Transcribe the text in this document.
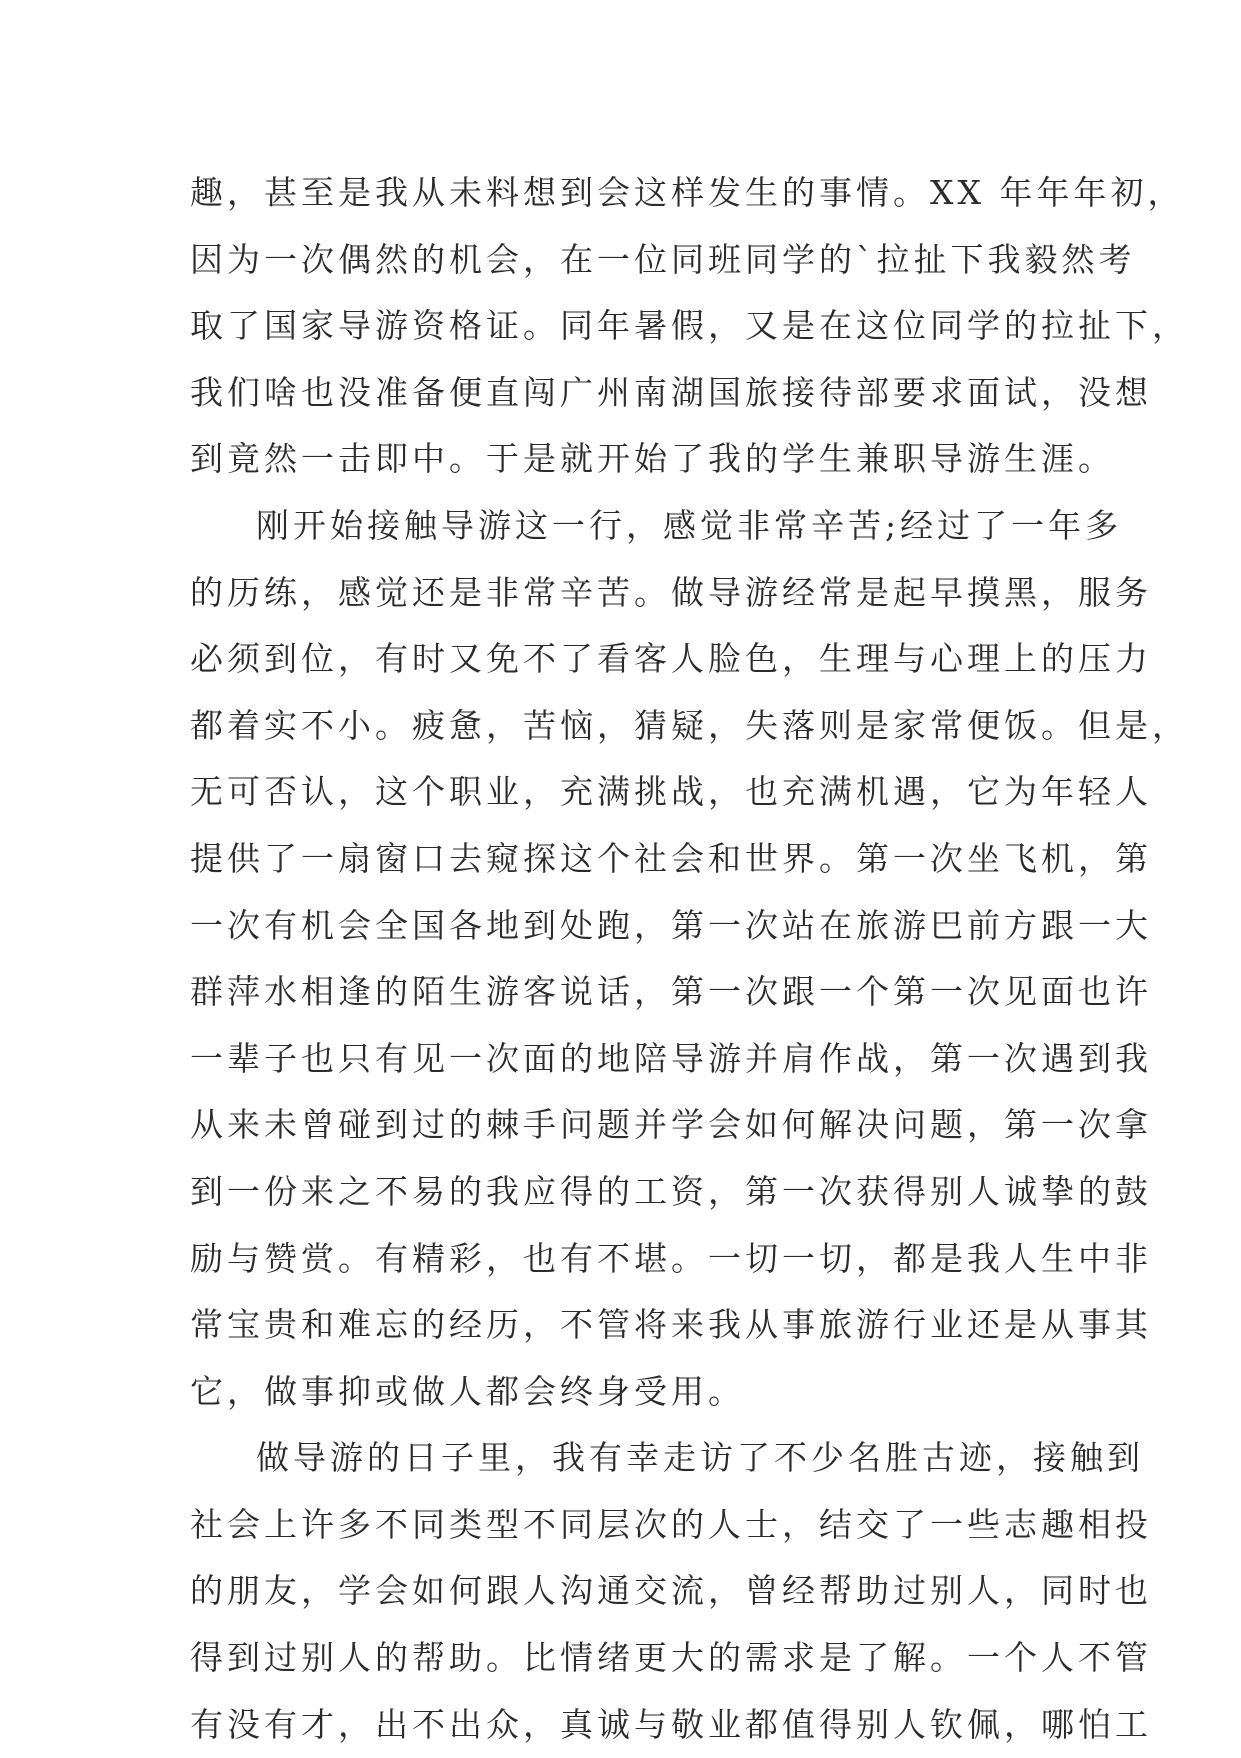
趣，甚至是我从未料想到会这样发生的事情。XX 年年年初，
因为一次偶然的机会，在一位同班同学的`拉扯下我毅然考
取了国家导游资格证。同年暑假，又是在这位同学的拉扯下，
我们啥也没准备便直闯广州南湖国旅接待部要求面试，没想
到竟然一击即中。于是就开始了我的学生兼职导游生涯。
刚开始接触导游这一行，感觉非常辛苦;经过了一年多
的历练，感觉还是非常辛苦。做导游经常是起早摸黑，服务
必须到位，有时又免不了看客人脸色，生理与心理上的压力
都着实不小。疲惫，苦恼，猜疑，失落则是家常便饭。但是，
无可否认，这个职业，充满挑战，也充满机遇，它为年轻人
提供了一扇窗口去窥探这个社会和世界。第一次坐飞机，第
一次有机会全国各地到处跑，第一次站在旅游巴前方跟一大
群萍水相逢的陌生游客说话，第一次跟一个第一次见面也许
一辈子也只有见一次面的地陪导游并肩作战，第一次遇到我
从来未曾碰到过的棘手问题并学会如何解决问题，第一次拿
到一份来之不易的我应得的工资，第一次获得别人诚挚的鼓
励与赞赏。有精彩，也有不堪。一切一切，都是我人生中非
常宝贵和难忘的经历，不管将来我从事旅游行业还是从事其
它，做事抑或做人都会终身受用。
做导游的日子里，我有幸走访了不少名胜古迹，接触到
社会上许多不同类型不同层次的人士，结交了一些志趣相投
的朋友，学会如何跟人沟通交流，曾经帮助过别人，同时也
得到过别人的帮助。比情绪更大的需求是了解。一个人不管
有没有才，出不出众，真诚与敬业都值得别人钦佩，哪怕工
